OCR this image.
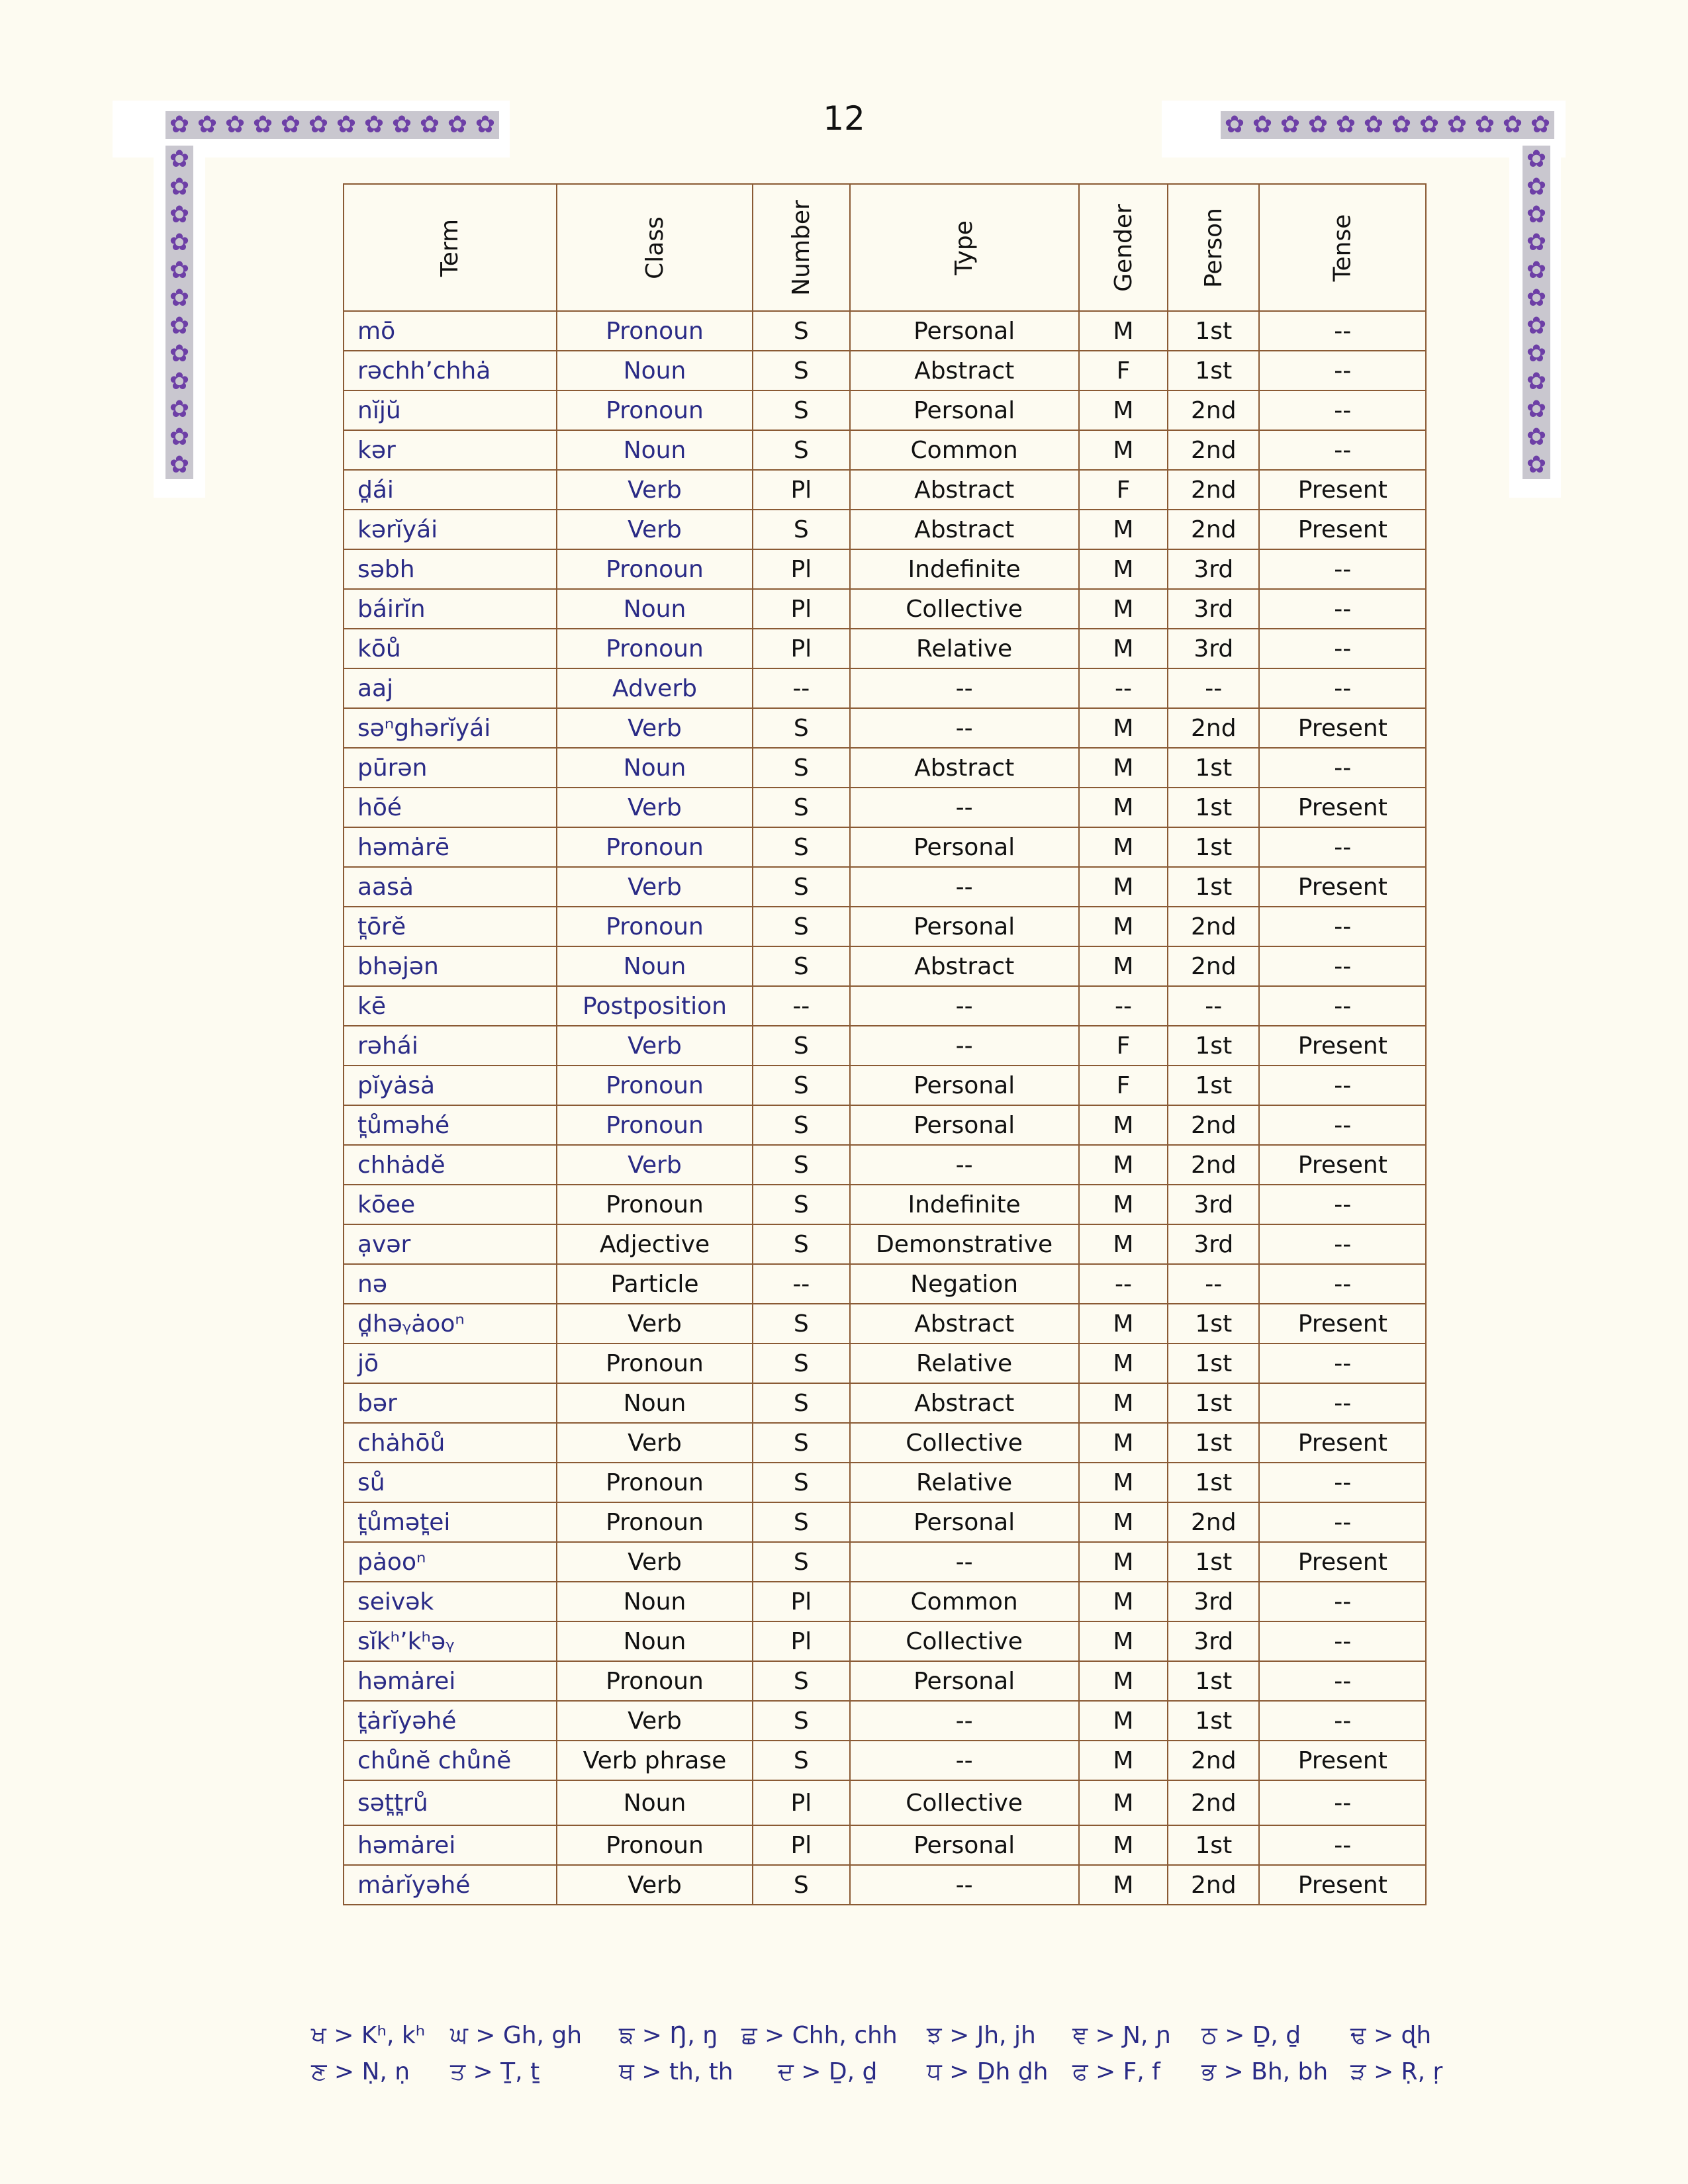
✿ ✿ ✿ ✿ ✿ ✿ ✿ ✿ ✿ ✿ ✿ ✿
✿
✿
✿
✿
✿
✿
✿
✿
✿
✿
✿
✿
✿ ✿ ✿ ✿ ✿ ✿ ✿ ✿ ✿ ✿ ✿ ✿
✿
✿
✿
✿
✿
✿
✿
✿
✿
✿
✿
✿
12
Term	Class	Number	Type	Gender	Person	Tense
mō	Pronoun	S	Personal	M	1st	--
rəchh’chhȧ	Noun	S	Abstract	F	1st	--
nĭjŭ	Pronoun	S	Personal	M	2nd	--
kər	Noun	S	Common	M	2nd	--
d̪ái	Verb	Pl	Abstract	F	2nd	Present
kərĭyái	Verb	S	Abstract	M	2nd	Present
səbh	Pronoun	Pl	Indefinite	M	3rd	--
báirĭn	Noun	Pl	Collective	M	3rd	--
kōů	Pronoun	Pl	Relative	M	3rd	--
aaj	Adverb	--	--	--	--	--
səⁿghərĭyái	Verb	S	--	M	2nd	Present
pūrən	Noun	S	Abstract	M	1st	--
hōé	Verb	S	--	M	1st	Present
həmȧrē	Pronoun	S	Personal	M	1st	--
aasȧ	Verb	S	--	M	1st	Present
t̪ōrĕ	Pronoun	S	Personal	M	2nd	--
bhəjən	Noun	S	Abstract	M	2nd	--
kē	Postposition	--	--	--	--	--
rəhái	Verb	S	--	F	1st	Present
pĭyȧsȧ	Pronoun	S	Personal	F	1st	--
t̪ůməhé	Pronoun	S	Personal	M	2nd	--
chhȧdĕ	Verb	S	--	M	2nd	Present
kōee	Pronoun	S	Indefinite	M	3rd	--
ạvər	Adjective	S	Demonstrative	M	3rd	--
nə	Particle	--	Negation	--	--	--
d̪həᵧȧooⁿ	Verb	S	Abstract	M	1st	Present
jō	Pronoun	S	Relative	M	1st	--
bər	Noun	S	Abstract	M	1st	--
chȧhōů	Verb	S	Collective	M	1st	Present
sů	Pronoun	S	Relative	M	1st	--
t̪ůmət̪ei	Pronoun	S	Personal	M	2nd	--
pȧooⁿ	Verb	S	--	M	1st	Present
seivək	Noun	Pl	Common	M	3rd	--
sĭkʰ’kʰəᵧ	Noun	Pl	Collective	M	3rd	--
həmȧrei	Pronoun	S	Personal	M	1st	--
t̪ȧrĭyəhé	Verb	S	--	M	1st	--
chůnĕ chůnĕ	Verb phrase	S	--	M	2nd	Present
sət̪t̪rů	Noun	Pl	Collective	M	2nd	--
həmȧrei	Pronoun	Pl	Personal	M	1st	--
mȧrĭyəhé	Verb	S	--	M	2nd	Present
ਖ > Kʰ, kʰ ਘ > Gh, gh ਙ > Ŋ, ŋ ਛ > Chh, chh ਝ > Jh, jh ਞ > Ɲ, ɲ ਠ > Ḏ, ḏ ਢ > ɖh
ਣ > Ṇ, ṇ ਤ > Ṯ, ṯ	ਥ > th, th ਦ > Ḏ, ḏ ਧ > Ḏh ḏh ਫ > F, f ਭ > Bh, bh ੜ > Ṛ, ṛ
